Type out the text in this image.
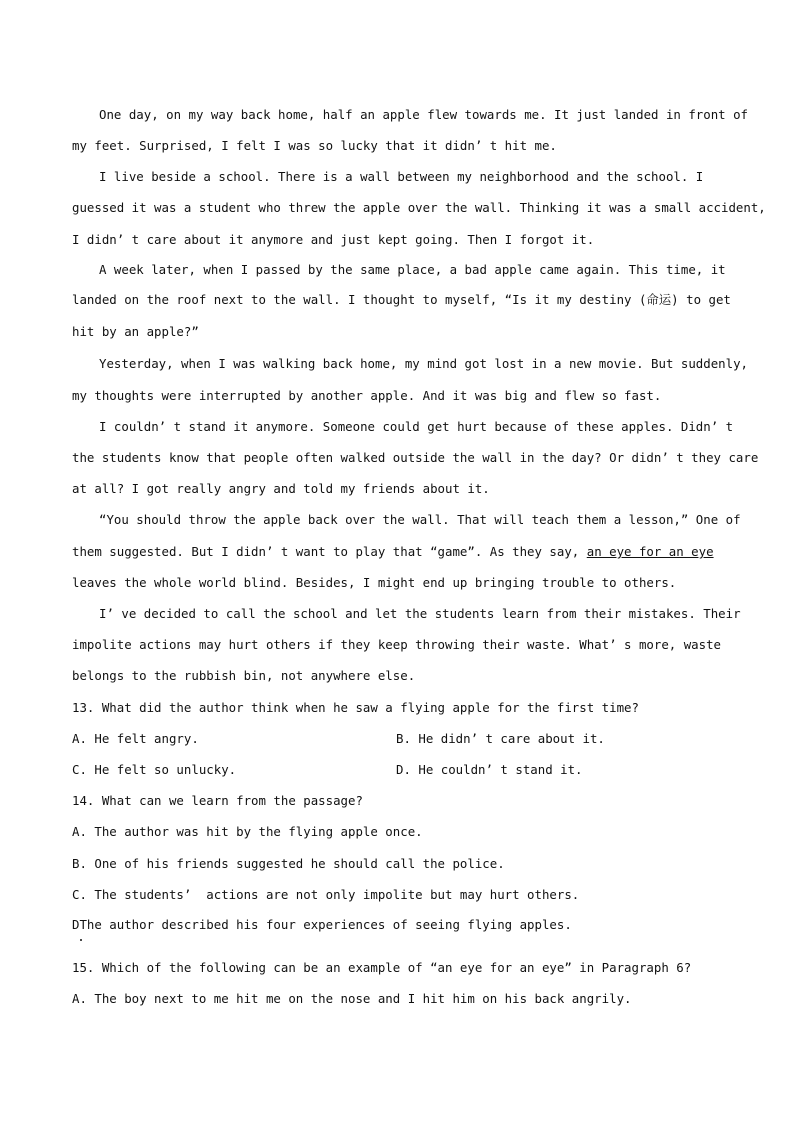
One day, on my way back home, half an apple flew towards me. It just landed in front of
my feet. Surprised, I felt I was so lucky that it didn’ t hit me.
I live beside a school. There is a wall between my neighborhood and the school. I
guessed it was a student who threw the apple over the wall. Thinking it was a small accident,
I didn’ t care about it anymore and just kept going. Then I forgot it.
A week later, when I passed by the same place, a bad apple came again. This time, it
landed on the roof next to the wall. I thought to myself, “Is it my destiny (命运) to get
hit by an apple?”
Yesterday, when I was walking back home, my mind got lost in a new movie. But suddenly,
my thoughts were interrupted by another apple. And it was big and flew so fast.
I couldn’ t stand it anymore. Someone could get hurt because of these apples. Didn’ t
the students know that people often walked outside the wall in the day? Or didn’ t they care
at all? I got really angry and told my friends about it.
“You should throw the apple back over the wall. That will teach them a lesson,” One of
them suggested. But I didn’ t want to play that “game”. As they say, an eye for an eye
leaves the whole world blind. Besides, I might end up bringing trouble to others.
I’ ve decided to call the school and let the students learn from their mistakes. Their
impolite actions may hurt others if they keep throwing their waste. What’ s more, waste
belongs to the rubbish bin, not anywhere else.
13. What did the author think when he saw a flying apple for the first time?
A. He felt angry.	B. He didn’ t care about it.
C. He felt so unlucky.	D. He couldn’ t stand it.
14. What can we learn from the passage?
A. The author was hit by the flying apple once.
B. One of his friends suggested he should call the police.
C. The students’  actions are not only impolite but may hurt others.
DThe author described his four experiences of seeing flying apples.
15. Which of the following can be an example of “an eye for an eye” in Paragraph 6?
A. The boy next to me hit me on the nose and I hit him on his back angrily.
